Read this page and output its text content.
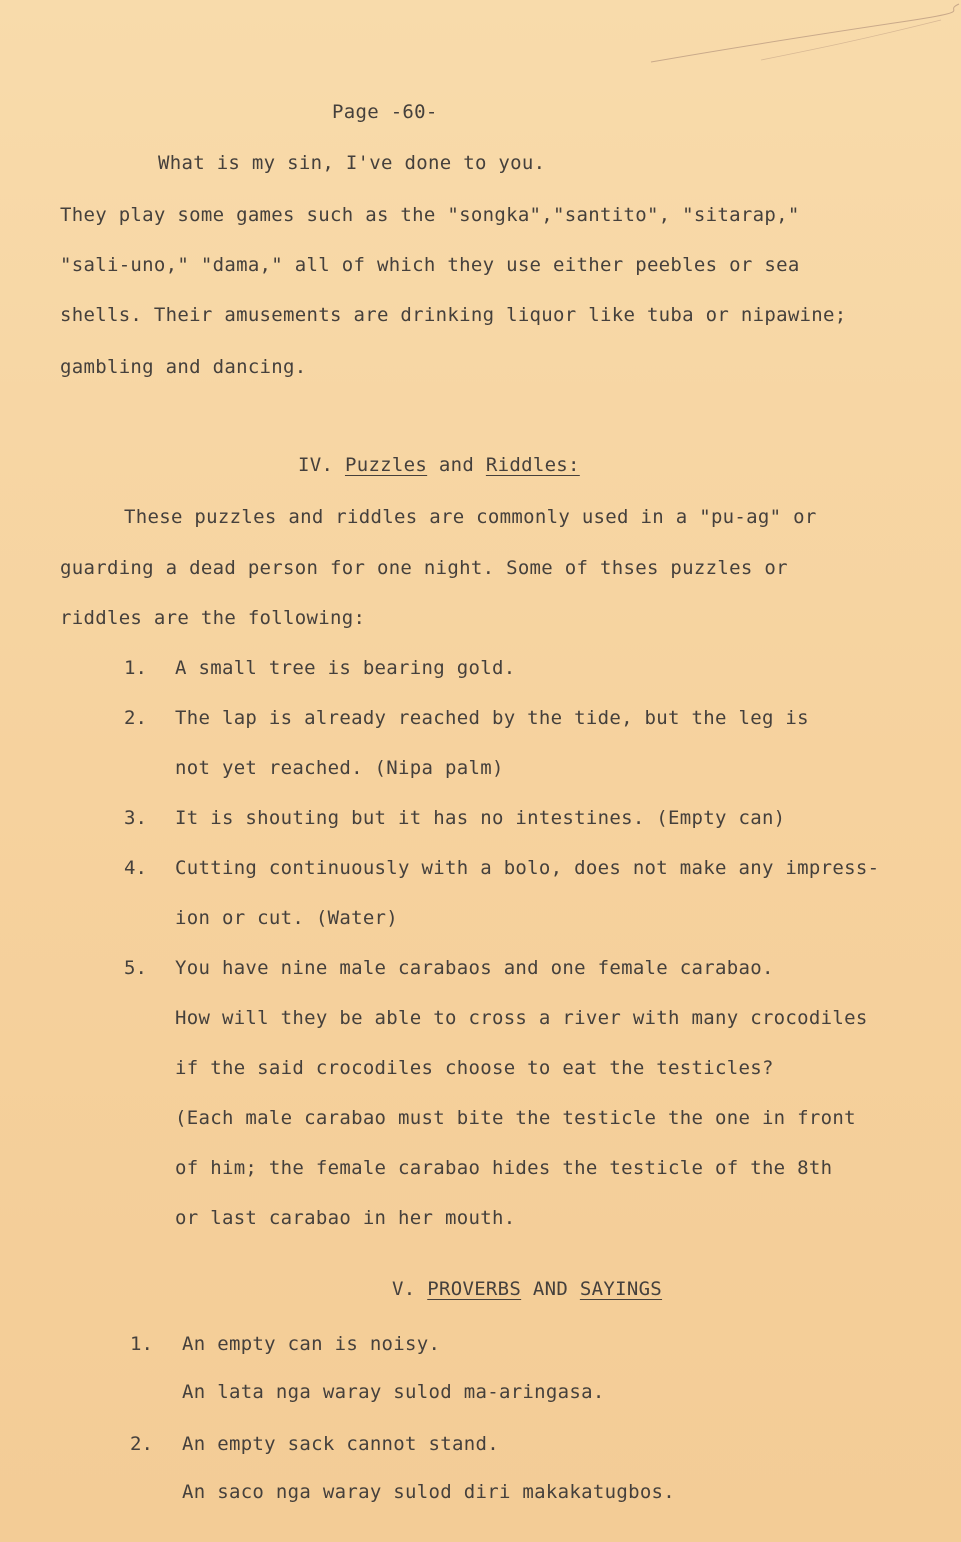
Page -60-
What is my sin, I've done to you.
They play some games such as the "songka","santito", "sitarap,"
"sali-uno," "dama," all of which they use either peebles or sea
shells. Their amusements are drinking liquor like tuba or nipawine;
gambling and dancing.
IV. Puzzles and Riddles:
These puzzles and riddles are commonly used in a "pu-ag" or
guarding a dead person for one night. Some of thses puzzles or
riddles are the following:
1. A small tree is bearing gold.
2. The lap is already reached by the tide, but the leg is
not yet reached. (Nipa palm)
3. It is shouting but it has no intestines. (Empty can)
4. Cutting continuously with a bolo, does not make any impress-
ion or cut. (Water)
5. You have nine male carabaos and one female carabao.
How will they be able to cross a river with many crocodiles
if the said crocodiles choose to eat the testicles?
(Each male carabao must bite the testicle the one in front
of him; the female carabao hides the testicle of the 8th
or last carabao in her mouth.
V. PROVERBS AND SAYINGS
1. An empty can is noisy.
An lata nga waray sulod ma-aringasa.
2. An empty sack cannot stand.
An saco nga waray sulod diri makakatugbos.
